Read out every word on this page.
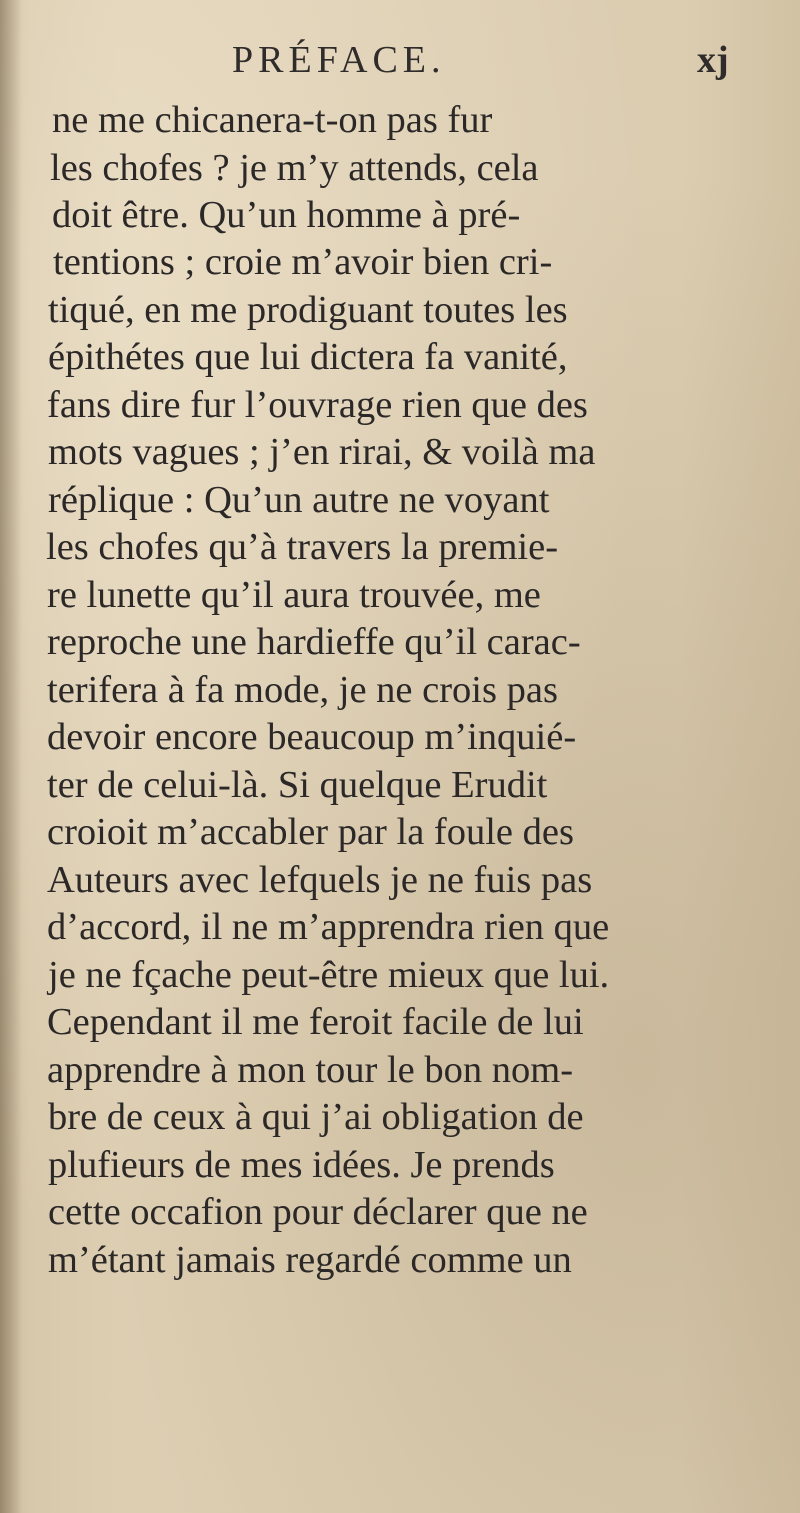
PRÉFACE.	xj
ne me chicanera-t-on pas fur
les chofes ? je m’y attends, cela
doit être. Qu’un homme à pré-
tentions ; croie m’avoir bien cri-
tiqué, en me prodiguant toutes les
épithétes que lui dictera fa vanité,
fans dire fur l’ouvrage rien que des
mots vagues ; j’en rirai, & voilà ma
réplique : Qu’un autre ne voyant
les chofes qu’à travers la premie-
re lunette qu’il aura trouvée, me
reproche une hardieffe qu’il carac-
terifera à fa mode, je ne crois pas
devoir encore beaucoup m’inquié-
ter de celui-là. Si quelque Erudit
croioit m’accabler par la foule des
Auteurs avec lefquels je ne fuis pas
d’accord, il ne m’apprendra rien que
je ne fçache peut-être mieux que lui.
Cependant il me feroit facile de lui
apprendre à mon tour le bon nom-
bre de ceux à qui j’ai obligation de
plufieurs de mes idées. Je prends
cette occafion pour déclarer que ne
m’étant jamais regardé comme un
